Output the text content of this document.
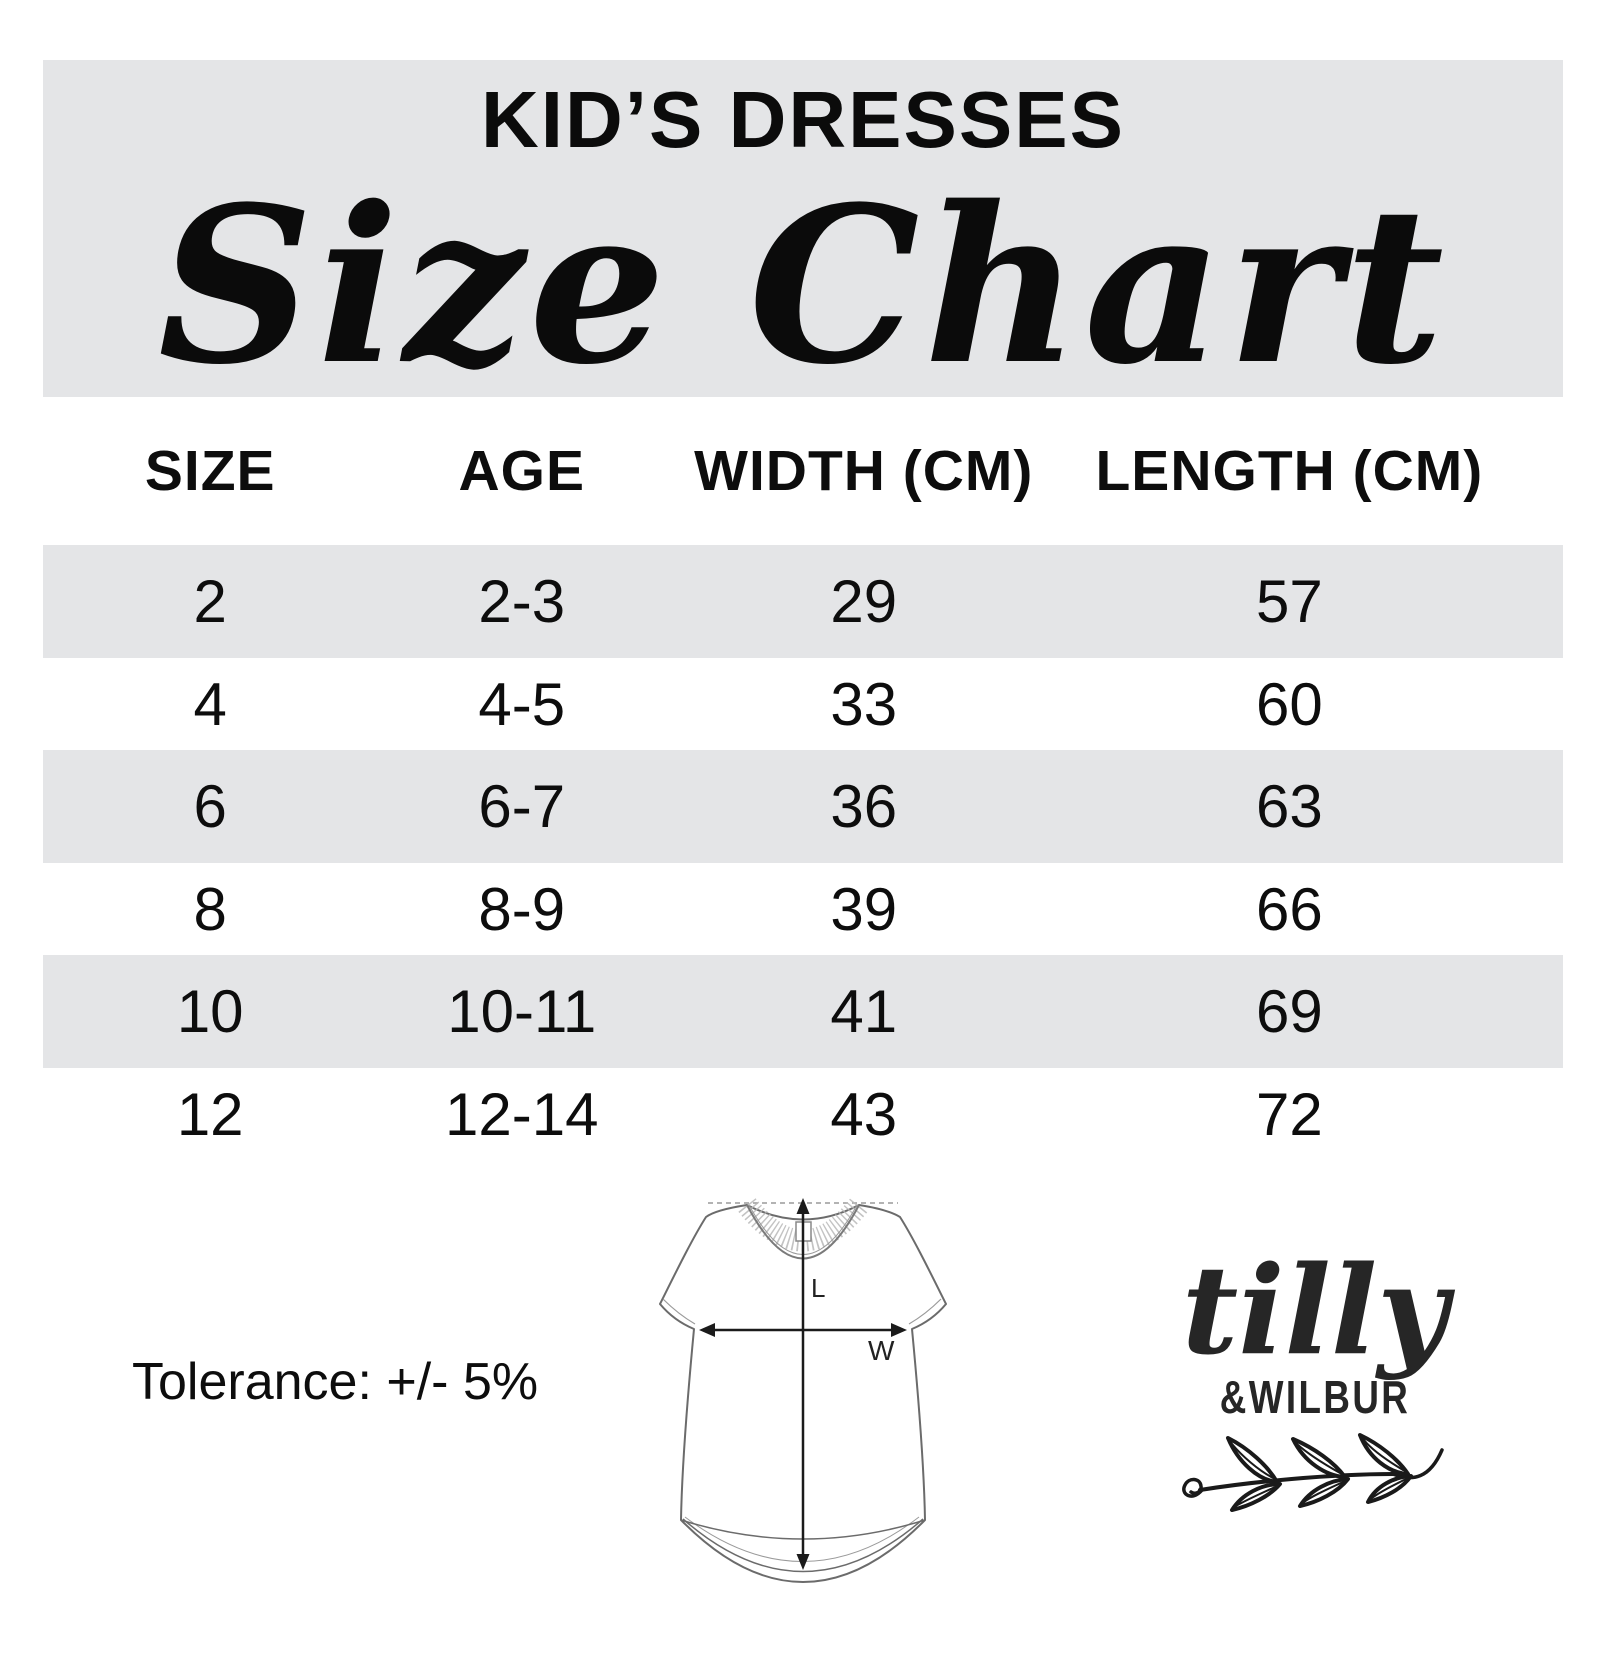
KID’S DRESSES
Size Chart
SIZE	AGE	WIDTH (CM)	LENGTH (CM)
2	2-3	29	57
4	4-5	33	60
6	6-7	36	63
8	8-9	39	66
10	10-11	41	69
12	12-14	43	72
Tolerance: +/- 5%
L
W tilly
&WILBUR
